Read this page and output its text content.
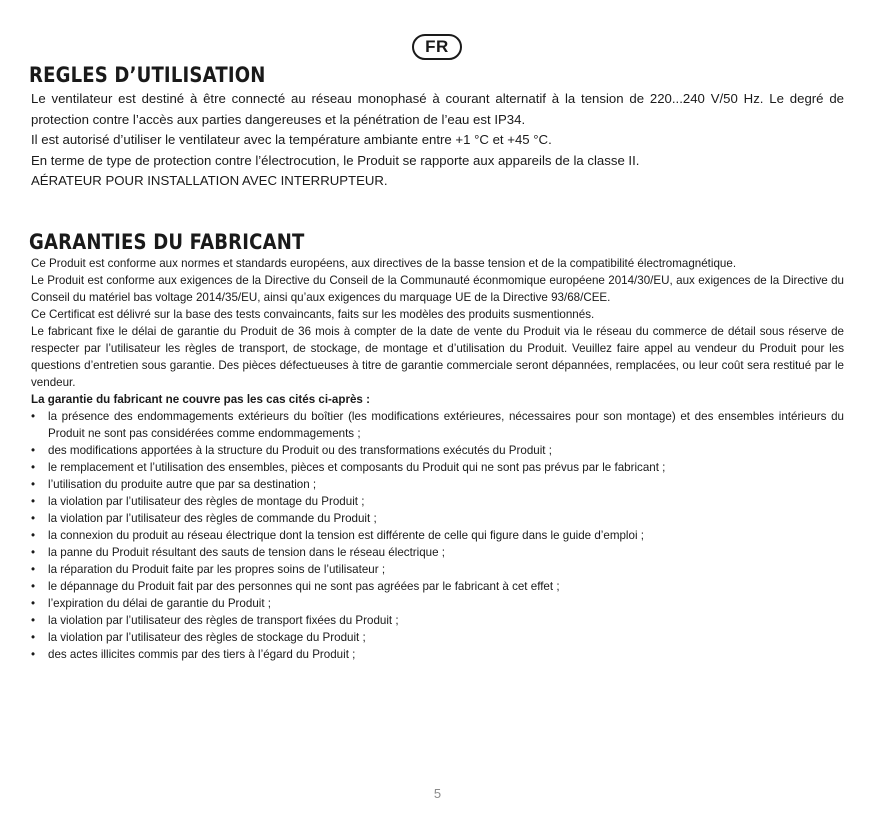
FR
REGLES D’UTILISATION

Le ventilateur est destiné à être connecté au réseau monophasé à courant alternatif à la tension de 220...240 V/50 Hz. Le degré de protection contre l’accès aux parties dangereuses et la pénétration de l’eau est IP34.

Il est autorisé d’utiliser le ventilateur avec la température ambiante entre +1 °C et +45 °C.

En terme de type de protection contre l’électrocution, le Produit se rapporte aux appareils de la classe II.

AÉRATEUR POUR INSTALLATION AVEC INTERRUPTEUR.

GARANTIES DU FABRICANT

Ce Produit est conforme aux normes et standards européens, aux directives de la basse tension et de la compatibilité électromagnétique.

Le Produit est conforme aux exigences de la Directive du Conseil de la Communauté éconmomique européene 2014/30/EU, aux exigences de la Directive du Conseil du matériel bas voltage 2014/35/EU, ainsi qu’aux exigences du marquage UE de la Directive 93/68/CEE.

Ce Certificat est délivré sur la base des tests convaincants, faits sur les modèles des produits susmentionnés.

Le fabricant fixe le délai de garantie du Produit de 36 mois à compter de la date de vente du Produit via le réseau du commerce de détail sous réserve de respecter par l’utilisateur les règles de transport, de stockage, de montage et d’utilisation du Produit. Veuillez faire appel au vendeur du Produit pour les questions d’entretien sous garantie. Des pièces défectueuses à titre de garantie commerciale seront dépannées, remplacées, ou leur coût sera restitué par le vendeur.

La garantie du fabricant ne couvre pas les cas cités ci-après :

• la présence des endommagements extérieurs du boîtier (les modifications extérieures, nécessaires pour son montage) et des ensembles intérieurs du Produit ne sont pas considérées comme endommagements ;
• des modifications apportées à la structure du Produit ou des transformations exécutés du Produit ;
• le remplacement et l’utilisation des ensembles, pièces et composants du Produit qui ne sont pas prévus par le fabricant ;
• l’utilisation du produite autre que par sa destination ;
• la violation par l’utilisateur des règles de montage du Produit ;
• la violation par l’utilisateur des règles de commande du Produit ;
• la connexion du produit au réseau électrique dont la tension est différente de celle qui figure dans le guide d’emploi ;
• la panne du Produit résultant des sauts de tension dans le réseau électrique ;
• la réparation du Produit faite par les propres soins de l’utilisateur ;
• le dépannage du Produit fait par des personnes qui ne sont pas agréées par le fabricant à cet effet ;
• l’expiration du délai de garantie du Produit ;
• la violation par l’utilisateur des règles de transport fixées du Produit ;
• la violation par l’utilisateur des règles de stockage du Produit ;
• des actes illicites commis par des tiers à l’égard du Produit ;
5
